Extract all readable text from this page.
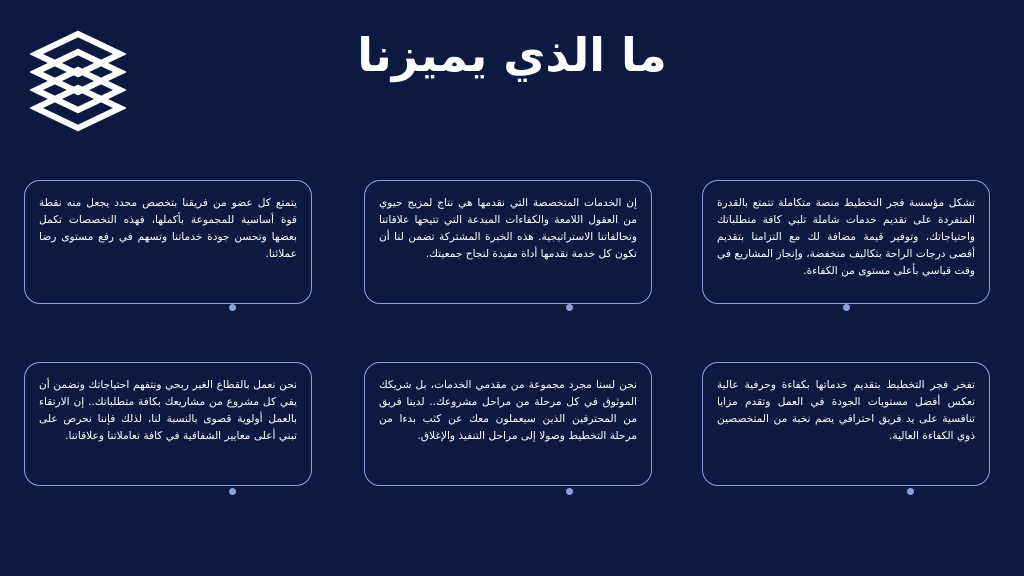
ما الذي يميزنا

تشكل مؤسسة فجر التخطيط منصة متكاملة تتمتع بالقدرة المتفردة على تقديم خدمات شاملة تلبي كافة متطلباتك واحتياجاتك، وتوفير قيمة مضافة لك مع التزامنا بتقديم أقصى درجات الراحة بتكاليف منخفضة، وإنجاز المشاريع في وقت قياسي بأعلى مستوى من الكفاءة.

إن الخدمات المتخصصة التي نقدمها هي نتاج لمزيج حيوي من العقول اللامعة والكفاءات المبدعة التي تتيحها علاقاتنا وتحالفاتنا الاستراتيجية. هذه الخبرة المشتركة تضمن لنا أن تكون كل خدمة نقدمها أداة مفيدة لنجاح جمعيتك.

يتمتع كل عضو من فريقنا بتخصص محدد يجعل منه نقطة قوة أساسية للمجموعة بأكملها، فهذه التخصصات تكمل بعضها وتحسن جودة خدماتنا وتسهم في رفع مستوى رضا عملائنا.

تفخر فجر التخطيط بتقديم خدماتها بكفاءة وحرفية عالية تعكس أفضل مستويات الجودة في العمل وتقدم مزايا تنافسية على يد فريق احترافي يضم نخبة من المتخصصين ذوي الكفاءة العالية.

نحن لسنا مجرد مجموعة من مقدمي الخدمات، بل شريكك الموثوق في كل مرحلة من مراحل مشروعك.. لدينا فريق من المحترفين الذين سيعملون معك عن كثب بدءا من مرحلة التخطيط وصولا إلى مراحل التنفيذ والإغلاق.

نحن نعمل بالقطاع الغير ربحي ونتفهم احتياجاتك ونضمن أن يفي كل مشروع من مشاريعك بكافة متطلباتك.. إن الارتقاء بالعمل أولوية قصوى بالنسبة لنا، لذلك فإننا نحرص على تبني أعلى معايير الشفافية في كافة تعاملاتنا وعلاقاتنا.
